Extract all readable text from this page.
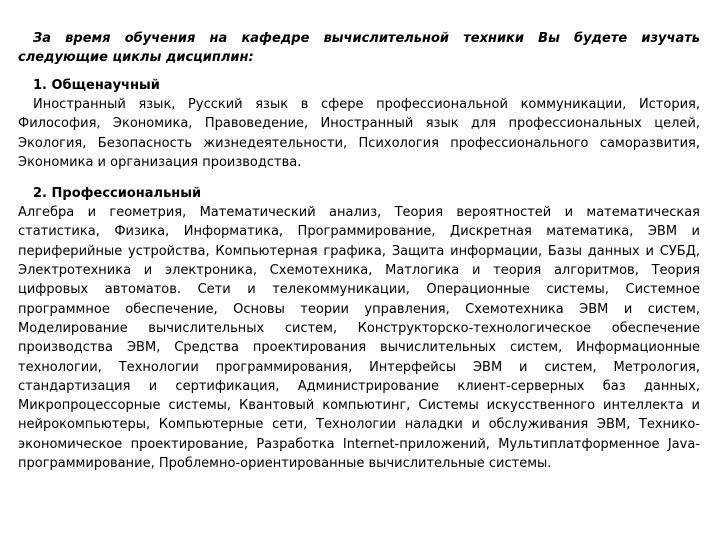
За время обучения на кафедре вычислительной техники Вы будете изучать следующие циклы дисциплин:

1. Общенаучный

Иностранный язык, Русский язык в сфере профессиональной коммуникации, История, Философия, Экономика, Правоведение, Иностранный язык для профессиональных целей, Экология, Безопасность жизнедеятельности, Психология профессионального саморазвития, Экономика и организация производства.

2. Профессиональный

Алгебра и геометрия, Математический анализ, Теория вероятностей и математическая статистика, Физика, Информатика, Программирование, Дискретная математика, ЭВМ и периферийные устройства, Компьютерная графика, Защита информации, Базы данных и СУБД, Электротехника и электроника, Схемотехника, Матлогика и теория алгоритмов, Теория цифровых автоматов. Сети и телекоммуникации, Операционные системы, Системное программное обеспечение, Основы теории управления, Схемотехника ЭВМ и систем, Моделирование вычислительных систем, Конструкторско-технологическое обеспечение производства ЭВМ, Средства проектирования вычислительных систем, Информационные технологии, Технологии программирования, Интерфейсы ЭВМ и систем, Метрология, стандартизация и сертификация, Администрирование клиент-серверных баз данных, Микропроцессорные системы, Квантовый компьютинг, Системы искусственного интеллекта и нейрокомпьютеры, Компьютерные сети, Технологии наладки и обслуживания ЭВМ, Технико-экономическое проектирование, Разработка Internet-приложений, Мультиплатформенное Java-программирование, Проблемно-ориентированные вычислительные системы.
